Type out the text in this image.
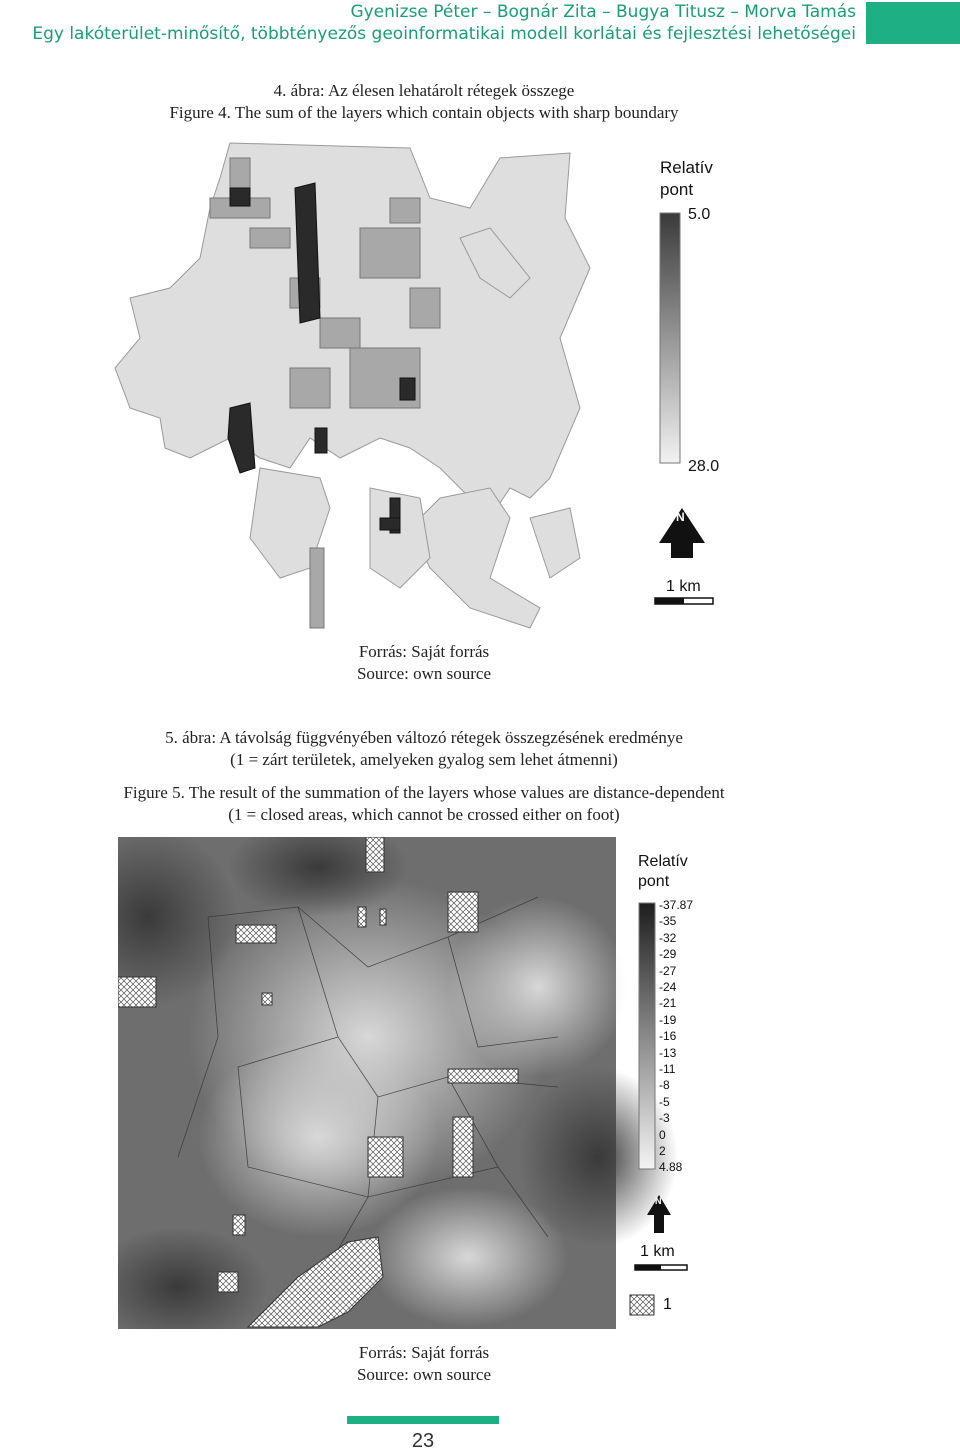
Gyenizse Péter – Bognár Zita – Bugya Titusz – Morva Tamás
Egy lakóterület-minősítő, többtényezős geoinformatikai modell korlátai és fejlesztési lehetőségei
4. ábra: Az élesen lehatárolt rétegek összege
Figure 4. The sum of the layers which contain objects with sharp boundary
Relatív
pont
5.0
28.0
N
1 km
Forrás: Saját forrás
Source: own source
5. ábra: A távolság függvényében változó rétegek összegzésének eredménye
(1 = zárt területek, amelyeken gyalog sem lehet átmenni)
Figure 5. The result of the summation of the layers whose values are distance-dependent
(1 = closed areas, which cannot be crossed either on foot)
Relatív
pont
-37.87
-35
-32
-29
-27
-24
-21
-19
-16
-13
-11
-8
-5
-3
0
2
4.88
N
1 km
1
Forrás: Saját forrás
Source: own source
23
